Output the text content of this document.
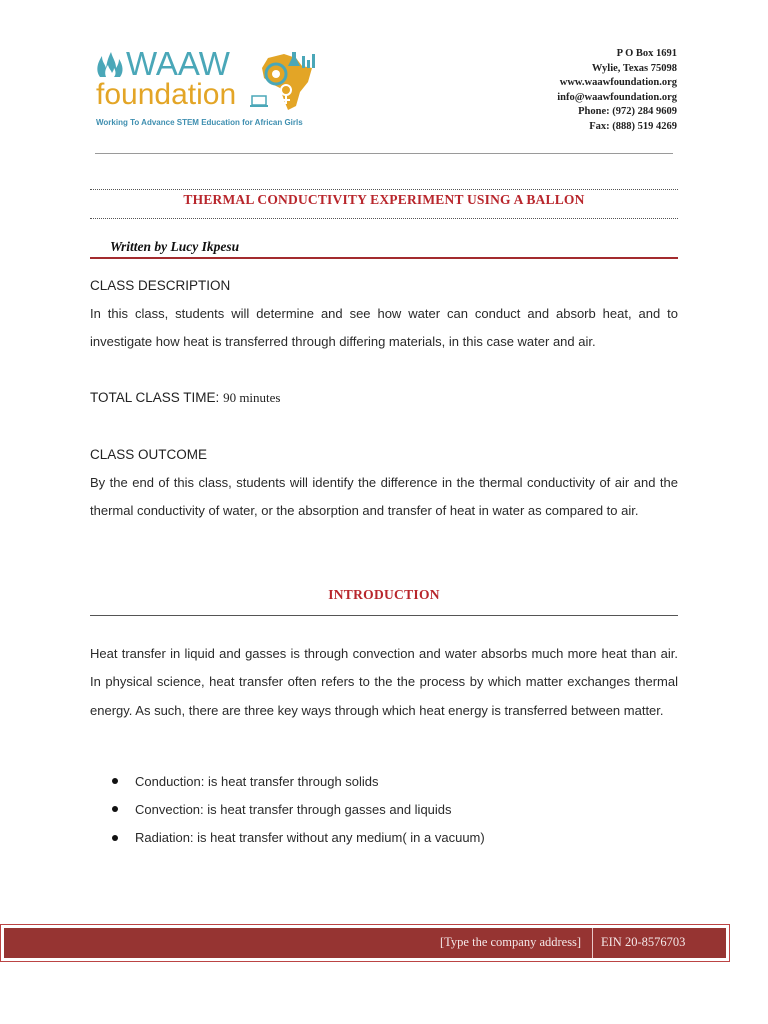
WAAW
foundation
Working To Advance STEM Education for African Girls
P O Box 1691
Wylie, Texas 75098
www.waawfoundation.org
info@waawfoundation.org
Phone: (972) 284 9609
Fax: (888) 519 4269
THERMAL CONDUCTIVITY EXPERIMENT USING A BALLON
Written by Lucy Ikpesu
CLASS DESCRIPTION
In this class, students will determine and see how water can conduct and absorb heat, and to investigate how heat is transferred through differing materials, in this case water and air.
TOTAL CLASS TIME: 90 minutes
CLASS OUTCOME
By the end of this class, students will identify the difference in the thermal conductivity of air and the thermal conductivity of water, or the absorption and transfer of heat in water as compared to air.
INTRODUCTION
Heat transfer in liquid and gasses is through convection and water absorbs much more heat than air. In physical science, heat transfer often refers to the the process by which matter exchanges thermal energy. As such, there are three key ways through which heat energy is transferred between matter.
Conduction: is heat transfer through solids
Convection: is heat transfer through gasses and liquids
Radiation: is heat transfer without any medium( in a vacuum)
[Type the company address] EIN 20-8576703
